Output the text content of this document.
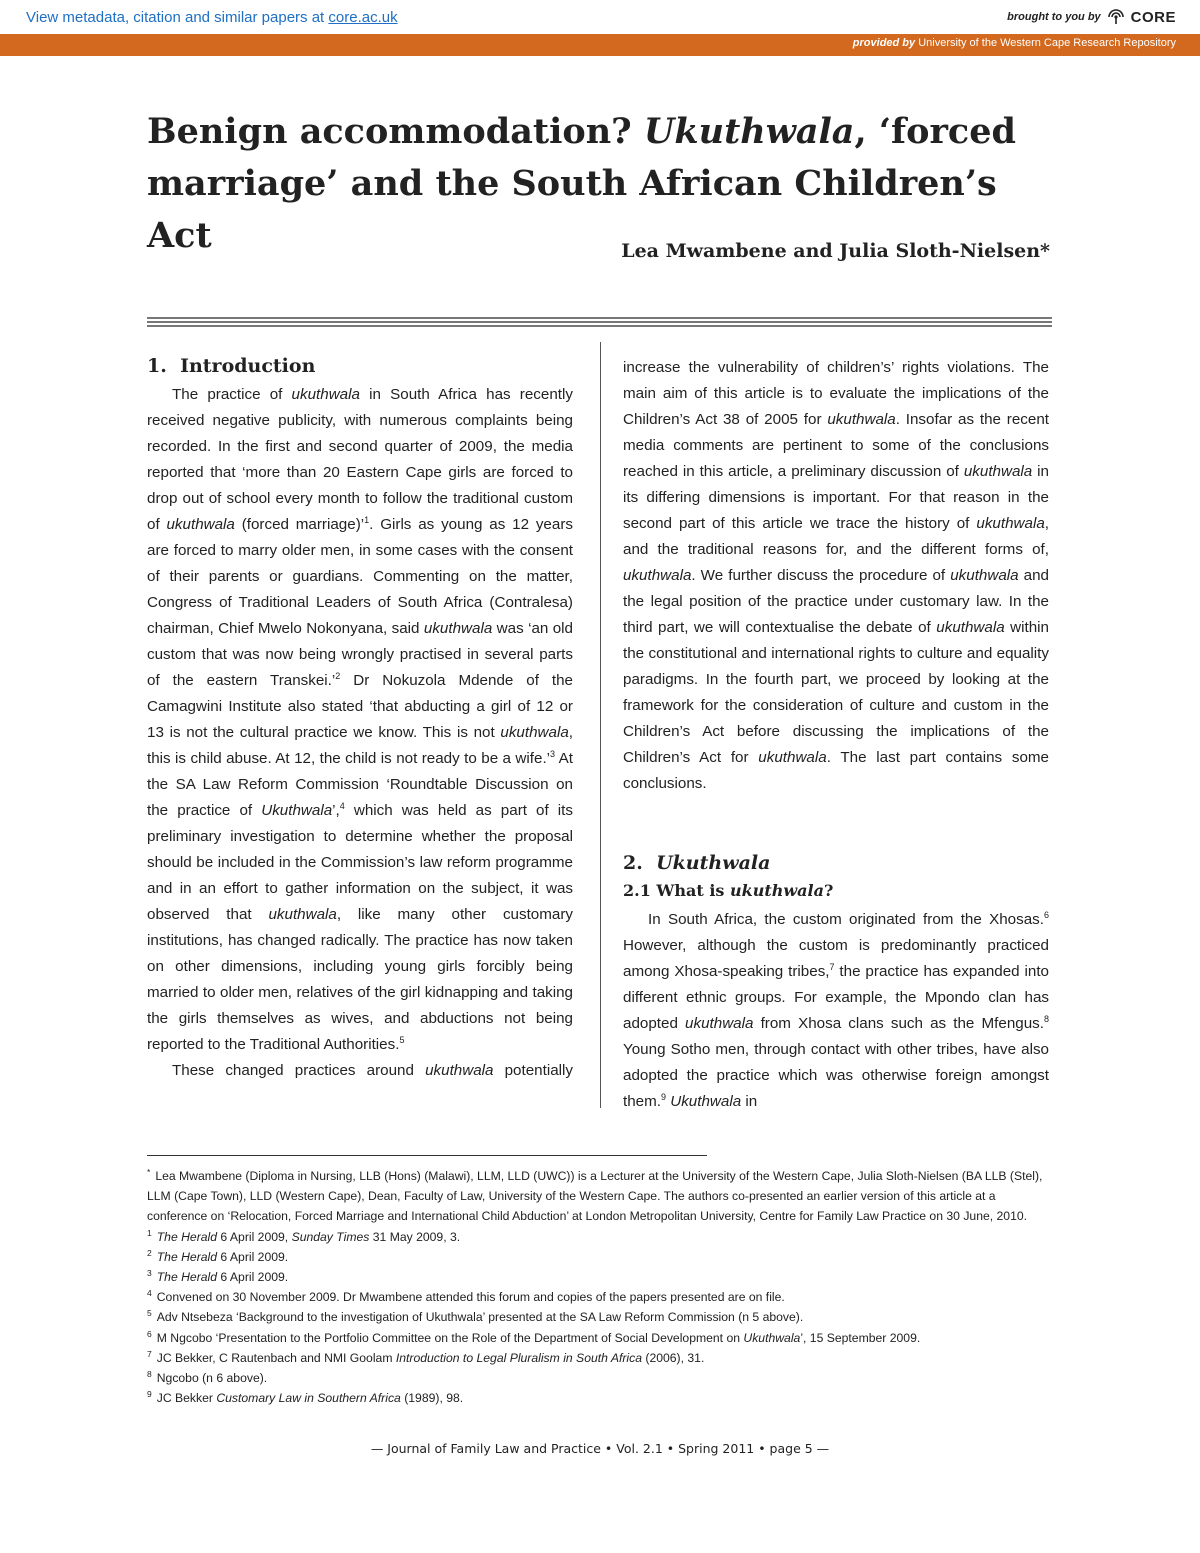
View metadata, citation and similar papers at core.ac.uk	brought to you by CORE
provided by University of the Western Cape Research Repository
Benign accommodation? Ukuthwala, ‘forced marriage’ and the South African Children’s Act	Lea Mwambene and Julia Sloth-Nielsen*
1. Introduction

The practice of ukuthwala in South Africa has recently received negative publicity, with numerous complaints being recorded. In the first and second quarter of 2009, the media reported that ‘more than 20 Eastern Cape girls are forced to drop out of school every month to follow the traditional custom of ukuthwala (forced marriage)’$^1$. Girls as young as 12 years are forced to marry older men, in some cases with the consent of their parents or guardians. Commenting on the matter, Congress of Traditional Leaders of South Africa (Contralesa) chairman, Chief Mwelo Nokonyana, said ukuthwala was ‘an old custom that was now being wrongly practised in several parts of the eastern Transkei.’$^2$ Dr Nokuzola Mdende of the Camagwini Institute also stated ‘that abducting a girl of 12 or 13 is not the cultural practice we know. This is not ukuthwala, this is child abuse. At 12, the child is not ready to be a wife.’$^3$ At the SA Law Reform Commission ‘Roundtable Discussion on the practice of Ukuthwala’,$^4$ which was held as part of its preliminary investigation to determine whether the proposal should be included in the Commission’s law reform programme and in an effort to gather information on the subject, it was observed that ukuthwala, like many other customary institutions, has changed radically. The practice has now taken on other dimensions, including young girls forcibly being married to older men, relatives of the girl kidnapping and taking the girls themselves as wives, and abductions not being reported to the Traditional Authorities.$^5$

These changed practices around ukuthwala potentially

increase the vulnerability of children’s’ rights violations. The main aim of this article is to evaluate the implications of the Children’s Act 38 of 2005 for ukuthwala. Insofar as the recent media comments are pertinent to some of the conclusions reached in this article, a preliminary discussion of ukuthwala in its differing dimensions is important. For that reason in the second part of this article we trace the history of ukuthwala, and the traditional reasons for, and the different forms of, ukuthwala. We further discuss the procedure of ukuthwala and the legal position of the practice under customary law. In the third part, we will contextualise the debate of ukuthwala within the constitutional and international rights to culture and equality paradigms. In the fourth part, we proceed by looking at the framework for the consideration of culture and custom in the Children’s Act before discussing the implications of the Children’s Act for ukuthwala. The last part contains some conclusions.

2. Ukuthwala
2.1 What is ukuthwala?

In South Africa, the custom originated from the Xhosas.$^6$ However, although the custom is predominantly practiced among Xhosa-speaking tribes,$^7$ the practice has expanded into different ethnic groups. For example, the Mpondo clan has adopted ukuthwala from Xhosa clans such as the Mfengus.$^8$ Young Sotho men, through contact with other tribes, have also adopted the practice which was otherwise foreign amongst them.$^9$ Ukuthwala in

* Lea Mwambene (Diploma in Nursing, LLB (Hons) (Malawi), LLM, LLD (UWC)) is a Lecturer at the University of the Western Cape, Julia Sloth-Nielsen (BA LLB (Stel), LLM (Cape Town), LLD (Western Cape), Dean, Faculty of Law, University of the Western Cape. The authors co-presented an earlier version of this article at a conference on ‘Relocation, Forced Marriage and International Child Abduction’ at London Metropolitan University, Centre for Family Law Practice on 30 June, 2010.

$^1$ The Herald 6 April 2009, Sunday Times 31 May 2009, 3.

$^2$ The Herald 6 April 2009.

$^3$ The Herald 6 April 2009.

$^4$ Convened on 30 November 2009. Dr Mwambene attended this forum and copies of the papers presented are on file.

$^5$ Adv Ntsebeza ‘Background to the investigation of Ukuthwala’ presented at the SA Law Reform Commission (n 5 above).

$^6$ M Ngcobo ‘Presentation to the Portfolio Committee on the Role of the Department of Social Development on Ukuthwala’, 15 September 2009.

$^7$ JC Bekker, C Rautenbach and NMI Goolam Introduction to Legal Pluralism in South Africa (2006), 31.

$^8$ Ngcobo (n 6 above).

$^9$ JC Bekker Customary Law in Southern Africa (1989), 98.

— Journal of Family Law and Practice • Vol. 2.1 • Spring 2011 • page 5 —
